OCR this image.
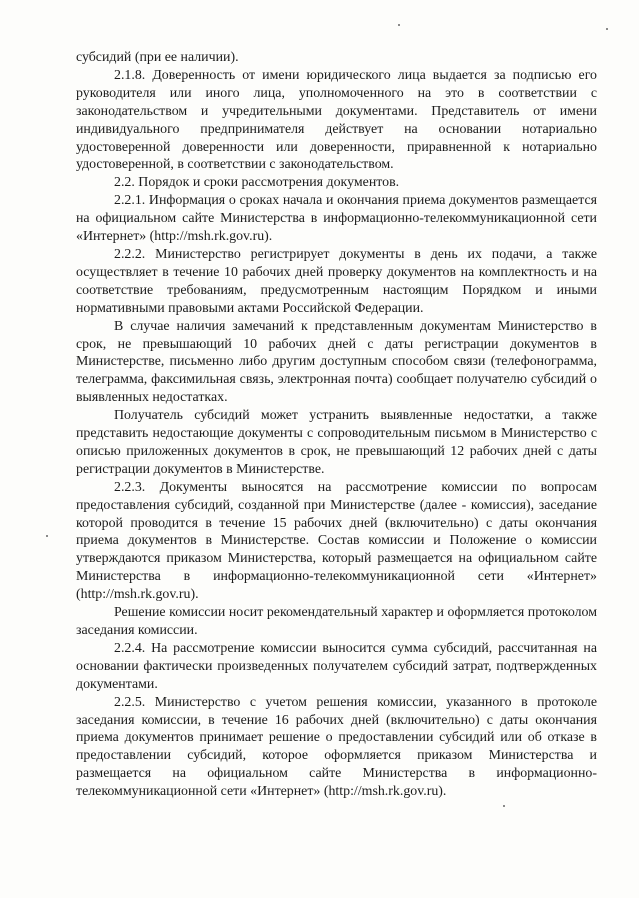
субсидий (при ее наличии).

2.1.8. Доверенность от имени юридического лица выдается за подписью его руководителя или иного лица, уполномоченного на это в соответствии с законодательством и учредительными документами. Представитель от имени индивидуального предпринимателя действует на основании нотариально удостоверенной доверенности или доверенности, приравненной к нотариально удостоверенной, в соответствии с законодательством.

2.2. Порядок и сроки рассмотрения документов.

2.2.1. Информация о сроках начала и окончания приема документов размещается на официальном сайте Министерства в информационно-телекоммуникационной сети «Интернет» (http://msh.rk.gov.ru).

2.2.2. Министерство регистрирует документы в день их подачи, а также осуществляет в течение 10 рабочих дней проверку документов на комплектность и на соответствие требованиям, предусмотренным настоящим Порядком и иными нормативными правовыми актами Российской Федерации.

В случае наличия замечаний к представленным документам Министерство в срок, не превышающий 10 рабочих дней с даты регистрации документов в Министерстве, письменно либо другим доступным способом связи (телефонограмма, телеграмма, факсимильная связь, электронная почта) сообщает получателю субсидий о выявленных недостатках.

Получатель субсидий может устранить выявленные недостатки, а также представить недостающие документы с сопроводительным письмом в Министерство с описью приложенных документов в срок, не превышающий 12 рабочих дней с даты регистрации документов в Министерстве.

2.2.3. Документы выносятся на рассмотрение комиссии по вопросам предоставления субсидий, созданной при Министерстве (далее - комиссия), заседание которой проводится в течение 15 рабочих дней (включительно) с даты окончания приема документов в Министерстве. Состав комиссии и Положение о комиссии утверждаются приказом Министерства, который размещается на официальном сайте Министерства в информационно-телекоммуникационной сети «Интернет» (http://msh.rk.gov.ru).

Решение комиссии носит рекомендательный характер и оформляется протоколом заседания комиссии.

2.2.4. На рассмотрение комиссии выносится сумма субсидий, рассчитанная на основании фактически произведенных получателем субсидий затрат, подтвержденных документами.

2.2.5. Министерство с учетом решения комиссии, указанного в протоколе заседания комиссии, в течение 16 рабочих дней (включительно) с даты окончания приема документов принимает решение о предоставлении субсидий или об отказе в предоставлении субсидий, которое оформляется приказом Министерства и размещается на официальном сайте Министерства в информационно-телекоммуникационной сети «Интернет» (http://msh.rk.gov.ru).
